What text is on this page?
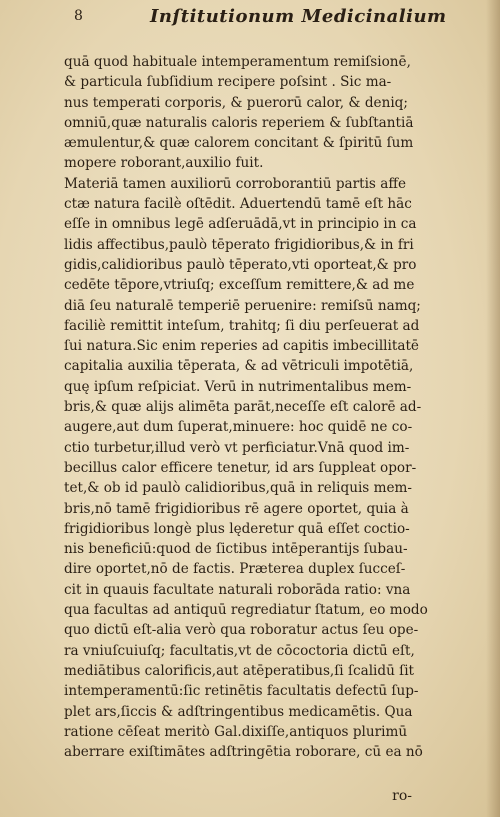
8	Inſtitutionum Medicinalium
quā quod habituale intemperamentum remiſsionē,
& particula ſubſidium recipere poſsint . Sic ma-
nus temperati corporis, & puerorū calor, & deniq;
omniū,quæ naturalis caloris reperiem & ſubſtantiā
æmulentur,& quæ calorem concitant & ſpiritū ſum
mopere roborant,auxilio fuit.
Materiā tamen auxiliorū corroborantiū partis affe
ctæ natura facilè oſtēdit. Aduertendū tamē eſt hāc
eſſe in omnibus legē adſeruādā,vt in principio in ca
lidis affectibus,paulò tēperato frigidioribus,& in fri
gidis,calidioribus paulò tēperato,vti oporteat,& pro
cedēte tēpore,vtriuſq; exceſſum remittere,& ad me
diā ſeu naturalē temperiē peruenire: remiſsū namq;
faciliè remittit inteſum, trahitq; ſi diu perſeuerat ad
ſui natura.Sic enim reperies ad capitis imbecillitatē
capitalia auxilia tēperata, & ad vētriculi impotētiā,
quę ipſum reſpiciat. Verū in nutrimentalibus mem-
bris,& quæ alijs alimēta parāt,neceſſe eſt calorē ad-
augere,aut dum ſuperat,minuere: hoc quidē ne co-
ctio turbetur,illud verò vt perficiatur.Vnā quod im-
becillus calor efficere tenetur, id ars ſuppleat opor-
tet,& ob id paulò calidioribus,quā in reliquis mem-
bris,nō tamē frigidioribus rē agere oportet, quia à
frigidioribus longè plus lęderetur quā eſſet coctio-
nis beneficiū:quod de ſictibus intēperantijs ſubau-
dire oportet,nō de factis. Præterea duplex ſucceſ-
cit in quauis facultate naturali roborāda ratio: vna
qua facultas ad antiquū regrediatur ſtatum, eo modo
quo dictū eſt-alia verò qua roboratur actus ſeu ope-
ra vniuſcuiuſq; facultatis,vt de cōcoctoria dictū eſt,
mediātibus calorificis,aut atēperatibus,ſi ſcalidū ſit
intemperamentū:ſic retinētis facultatis defectū ſup-
plet ars,ſiccis & adſtringentibus medicamētis. Qua
ratione cēſeat meritò Gal.dixiſſe,antiquos plurimū
aberrare exiſtimātes adſtringētia roborare, cū ea nō
ro-
